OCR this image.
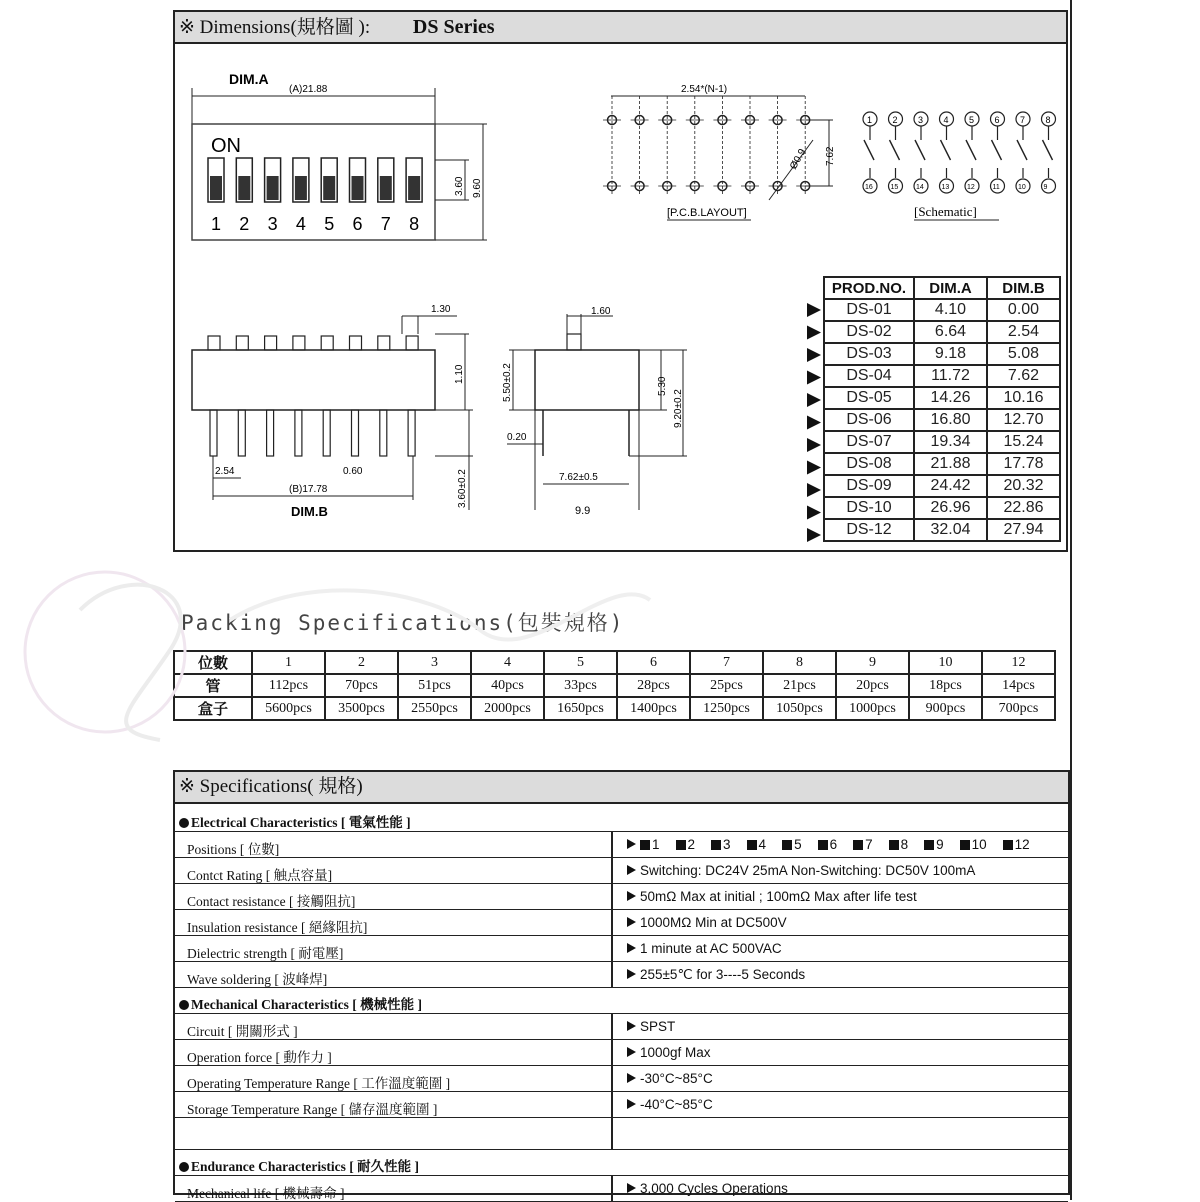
※ Dimensions(規格圖 ): DS Series
DIM.A
(A)21.88
ON
1 2 3 4 5 6 7 8
3.60 9.60
2.54*(N-1)
7.62
Ø0.9
[P.C.B.LAYOUT]
1
16
2
15
3
14
4
13
5
12
6
11
7
10
8
9
[Schematic]
1.30
1.10
3.60±0.2
2.54	0.60
(B)17.78
DIM.B
1.60
5.50±0.2	5.30
9.20±0.2
0.20
7.62±0.5
9.9
PROD.NO.	DIM.A	DIM.B
DS-01	4.10	0.00
DS-02	6.64	2.54
DS-03	9.18	5.08
DS-04	11.72	7.62
DS-05	14.26	10.16
DS-06	16.80	12.70
DS-07	19.34	15.24
DS-08	21.88	17.78
DS-09	24.42	20.32
DS-10	26.96	22.86
DS-12	32.04	27.94
Packing Specifications(包裝規格)
位數	1	2	3	4	5	6	7	8	9	10	12
管	112pcs	70pcs	51pcs	40pcs	33pcs	28pcs	25pcs	21pcs	20pcs	18pcs	14pcs
盒子	5600pcs	3500pcs	2550pcs	2000pcs	1650pcs	1400pcs	1250pcs	1050pcs	1000pcs	900pcs	700pcs
※ Specifications( 規格)
Electrical Characteristics [ 電氣性能 ]
Positions [ 位數]	1 2 3 4 5 6 7 8 9 10 12
Contct Rating [ 触点容量]	Switching: DC24V 25mA Non-Switching: DC50V 100mA
Contact resistance [ 接觸阻抗]	50mΩ Max at initial ; 100mΩ Max after life test
Insulation resistance [ 絕緣阻抗]	1000MΩ Min at DC500V
Dielectric strength [ 耐電壓]	1 minute at AC 500VAC
Wave soldering [ 波峰焊]	255±5℃ for 3----5 Seconds
Mechanical Characteristics [ 機械性能 ]
Circuit [ 開關形式 ]	SPST
Operation force [ 動作力 ]	1000gf Max
Operating Temperature Range [ 工作溫度範圍 ]	-30°C~85°C
Storage Temperature Range [ 儲存溫度範圍 ]	-40°C~85°C
Endurance Characteristics [ 耐久性能 ]
Mechanical life [ 機械壽命 ]	3,000 Cycles Operations
